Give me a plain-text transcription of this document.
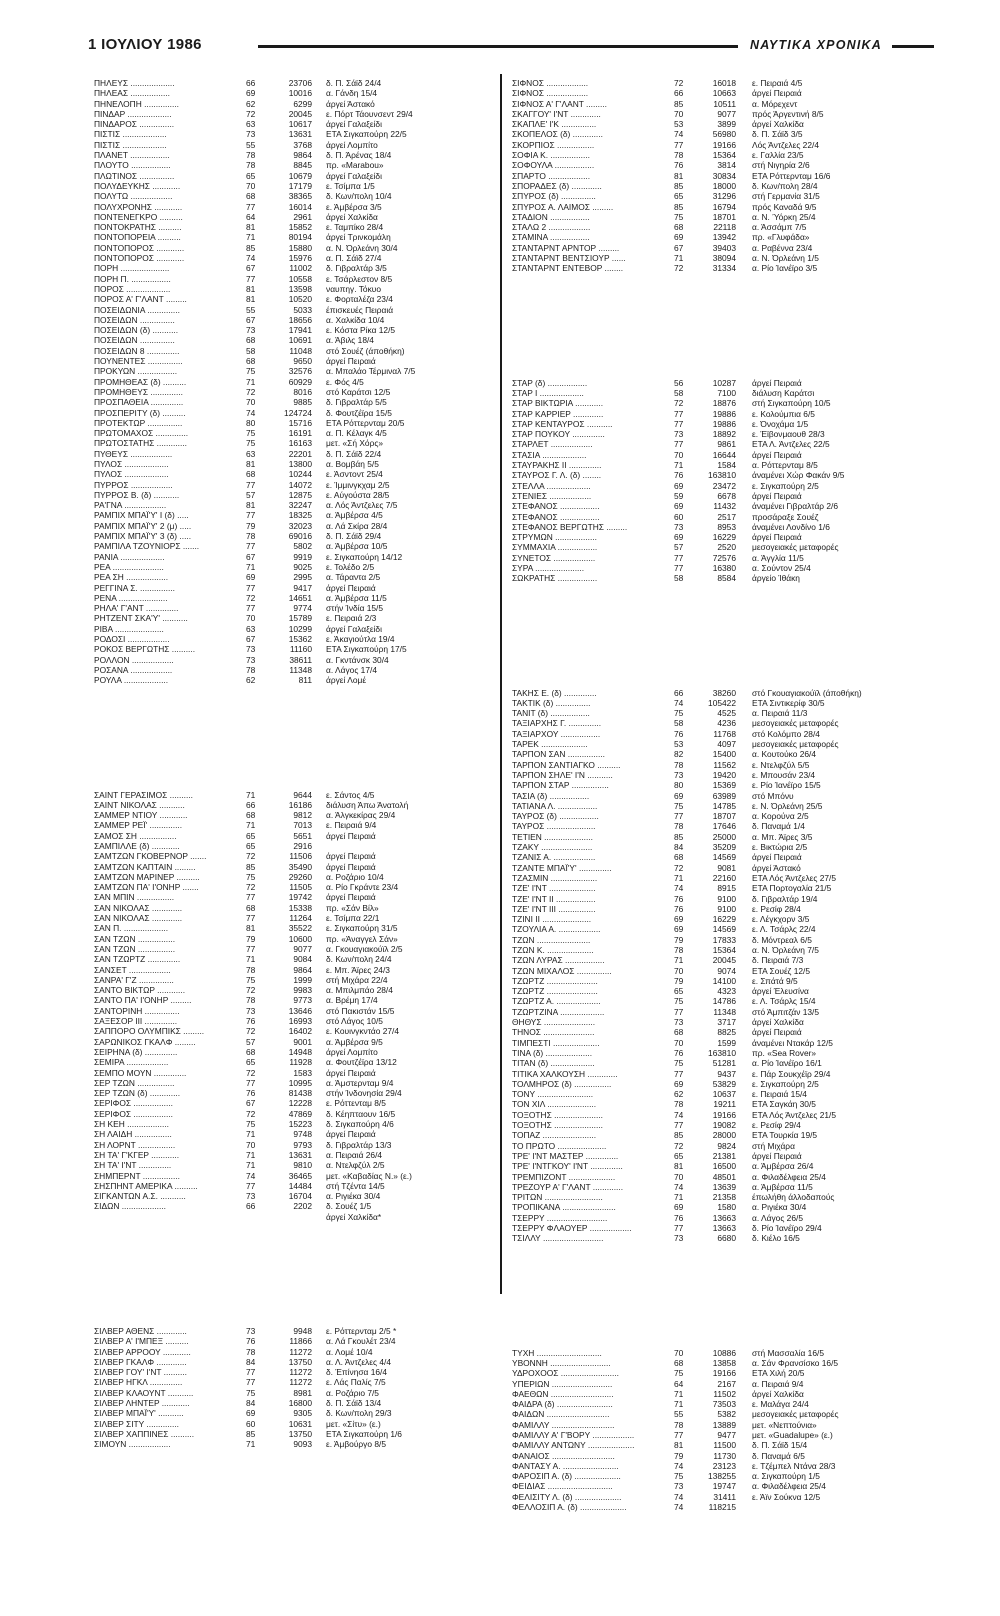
1 ΙΟΥΛΙΟΥ 1986	ΝΑΥΤΙΚΑ ΧΡΟΝΙΚΑ
ΠΗΛΕΥΣ ...................	66	23706 δ. Π. Σάϊδ 24/4
ΠΗΛΕΑΣ .................	69	10016 α. Γάνδη 15/4
ΠΗΝΕΛΟΠΗ ...............	62	6299 άργεί Άστακό
ΠΙΝΔΑΡ ...................	72	20045 ε. Πόρτ Τάουνσεντ 29/4
ΠΙΝΔΑΡΟΣ ...............	63	10617 άργεί Γαλαξείδι
ΠΙΣΤΙΣ ...................	73	13631 ΕΤΑ Σιγκαπούρη 22/5
ΠΙΣΤΙΣ ...................	55	3768 άργεί Λομπίτο
ΠΛΑΝΕΤ .................	78	9864 δ. Π. Άρένας 18/4
ΠΛΟΥΤΟ .................	78	8845 πρ. «Marabou»
ΠΛΩΤΙΝΟΣ ...............	65	10679 άργεί Γαλαξείδι
ΠΟΛΥΔΕΥΚΗΣ ............	70	17179 ε. Τσίμπα 1/5
ΠΟΛΥΤΩ ..................	68	38365 δ. Κων/πολη 10/4
ΠΟΛΥΧΡΟΝΗΣ ............	77	16014 ε. Άμβέρσα 3/5
ΠΟΝΤΕΝΕΓΚΡΟ ..........	64	2961 άργεί Χαλκίδα
ΠΟΝΤΟΚΡΑΤΗΣ ..........	81	15852 ε. Ταμπίκο 28/4
ΠΟΝΤΟΠΟΡΕΙΑ ..........	71	80194 άργεί Τρινκομάλη
ΠΟΝΤΟΠΟΡΟΣ ............	85	15880 α. Ν. Όρλεάνη 30/4
ΠΟΝΤΟΠΟΡΟΣ ............	74	15976 α. Π. Σάϊδ 27/4
ΠΟΡΗ .....................	67	11002 δ. Γιβραλτάρ 3/5
ΠΟΡΗ Π. .................	77	10558 ε. Τσάρλεστον 8/5
ΠΟΡΟΣ ...................	81	13598 ναυπηγ. Τόκυο
ΠΟΡΟΣ Α' Γ'ΛΑΝΤ .........	81	10520 ε. Φορταλέζα 23/4
ΠΟΣΕΙΔΩΝΙΑ ..............	55	5033 έπισκευές Πειραιά
ΠΟΣΕΙΔΩΝ ...............	67	18656 α. Χαλκίδα 10/4
ΠΟΣΕΙΔΩΝ (δ) ...........	73	17941 ε. Κόστα Ρίκα 12/5
ΠΟΣΕΙΔΩΝ ...............	68	10691 α. Άβιλς 18/4
ΠΟΣΕΙΔΩΝ 8 ..............	58	11048 στό Σουέζ (άποθήκη)
ΠΟΥΝΕΝΤΕΣ ...............	68	9650 άργεί Πειραιά
ΠΡΟΚΥΩΝ .................	75	32576 α. Μπαλάο Τέρμιναλ 7/5
ΠΡΟΜΗΘΕΑΣ (δ) ..........	71	60929 ε. Φός 4/5
ΠΡΟΜΗΘΕΥΣ ..............	72	8016 στό Καράτσι 12/5
ΠΡΟΣΠΑΘΕΙΑ ..............	70	9885 δ. Γιβραλτάρ 5/5
ΠΡΟΣΠΕΡΙΤΥ (δ) ..........	74	124724 δ. Φουτζέϊρα 15/5
ΠΡΟΤΕΚΤΩΡ ...............	80	15716 ΕΤΑ Ρόττερνταμ 20/5
ΠΡΩΤΟΜΑΧΟΣ ..............	75	16191 α. Π. Κέλαγκ 4/5
ΠΡΩΤΟΣΤΑΤΗΣ .............	75	16163 μετ. «Σή Χόρς»
ΠΥΘΕΥΣ ..................	63	22201 δ. Π. Σάϊδ 22/4
ΠΥΛΟΣ ...................	81	13800 α. Βομβάη 5/5
ΠΥΛΟΣ ...................	68	10244 ε. Άσντοντ 25/4
ΠΥΡΡΟΣ ..................	77	14072 ε. Ίμμινγκχαμ 2/5
ΠΥΡΡΟΣ Β. (δ) ...........	57	12875 ε. Αύγούστα 28/5
ΡΑ'ΓΝΑ ..................	81	32247 α. Λός Άντζελες 7/5
ΡΑΜΠΙΧ ΜΠΑΪ'Υ' Ι (δ) .....	77	18325 α. Άμβέρσα 4/5
ΡΑΜΠΙΧ ΜΠΑΪ'Υ' 2 (μ) .....	79	32023 α. Λά Σκίρα 28/4
ΡΑΜΠΙΧ ΜΠΑΪ'Υ' 3 (δ) .....	78	69016 δ. Π. Σάϊδ 29/4
ΡΑΜΠΙΛΑ ΤΖΟΥΝΙΟΡΣ .......	77	5802 α. Άμβέρσα 10/5
ΡΑΝΙΑ ...................	67	9919 ε. Σιγκαπούρη 14/12
ΡΕΑ ......................	71	9025 ε. Τολέδο 2/5
ΡΕΑ ΣΗ ..................	69	2995 α. Τάραντα 2/5
ΡΕΓΓΙΝΑ Σ. ...............	77	9417 άργεί Πειραιά
ΡΕΝΑ .....................	72	14651 α. Άμβέρσα 11/5
ΡΗΛΑ' Γ'ΑΝΤ ..............	77	9774 στήν Ίνδία 15/5
ΡΗΤΖΕΝΤ ΣΚΑ'Υ' ...........	70	15789 ε. Πειραιά 2/3
ΡΙΒΑ .....................	63	10299 άργεί Γαλαξείδι
ΡΟΔΟΣΙ ..................	67	15362 ε. Άκαγιούτλα 19/4
ΡΟΚΟΣ ΒΕΡΓΩΤΗΣ ..........	73	11160 ΕΤΑ Σιγκαπούρη 17/5
ΡΟΛΛΟΝ ..................	73	38611 α. Γκντάνσκ 30/4
ΡΟΣΑΝΑ ..................	78	11348 α. Λάγος 17/4
ΡΟΥΛΑ ...................	62	811 άργεί Λομέ
ΣΑΙΝΤ ΓΕΡΑΣΙΜΟΣ ..........	71	9644 ε. Σάντος 4/5
ΣΑΙΝΤ ΝΙΚΟΛΑΣ ...........	66	16186 διάλυση Άπω Άνατολή
ΣΑΜΜΕΡ ΝΤΙΟΥ ............	68	9812 α. Άλγκεκίρας 29/4
ΣΑΜΜΕΡ ΡΕΪ' ..............	71	7013 ε. Πειραιά 9/4
ΣΑΜΟΣ ΣΗ ................	65	5651 άργεί Πειραιά
ΣΑΜΠΙΛΛΕ (δ) ............	65	2916
ΣΑΜΤΖΩΝ ΓΚΟΒΕΡΝΟΡ .......	72	11506 άργεί Πειραιά
ΣΑΜΤΖΩΝ ΚΑΠΤΑΙΝ .........	85	35490 άργεί Πειραιά
ΣΑΜΤΖΩΝ ΜΑΡΙΝΕΡ ..........	75	29260 α. Ροζάριο 10/4
ΣΑΜΤΖΩΝ ΠΑ' Ι'ΟΝΗΡ .......	72	11505 α. Ρίο Γκράντε 23/4
ΣΑΝ ΜΠΙΝ ................	77	19742 άργεί Πειραιά
ΣΑΝ ΝΙΚΟΛΑΣ .............	68	15338 πρ. «Σάν Βίλ»
ΣΑΝ ΝΙΚΟΛΑΣ .............	77	11264 ε. Τσίμπα 22/1
ΣΑΝ Π. ...................	81	35522 ε. Σιγκαπούρη 31/5
ΣΑΝ ΤΖΩΝ ................	79	10600 πρ. «Άναγγελ Σάν»
ΣΑΝ ΤΖΩΝ ................	77	9077 α. Γκουαγιακούϊλ 2/5
ΣΑΝ ΤΖΩΡΤΖ ..............	71	9084 δ. Κων/πολη 24/4
ΣΑΝΣΕΤ ..................	78	9864 ε. Μπ. Άϊρες 24/3
ΣΑΝΡΑ' Γ'Ζ ...............	75	1999 στή Μιχάρα 22/4
ΣΑΝΤΟ ΒΙΚΤΩΡ ............	72	9983 α. Μπιλμπάο 28/4
ΣΑΝΤΟ ΠΑ' Ι'ΟΝΗΡ .........	78	9773 α. Βρέμη 17/4
ΣΑΝΤΟΡΙΝΗ ...............	73	13646 στό Πακιστάν 15/5
ΣΑΞΕΣΟΡ ΙΙΙ ..............	76	16993 στό Λάγος 10/5
ΣΑΠΠΟΡΟ ΟΛΥΜΠΙΚΣ .........	72	16402 ε. Κουινγκντάο 27/4
ΣΑΡΩΝΙΚΟΣ ΓΚΑΛΦ .........	57	9001 α. Άμβέρσα 9/5
ΣΕΙΡΗΝΑ (δ) ..............	68	14948 άργεί Λομπίτο
ΣΕΜΙΡΑ ..................	65	11928 α. Φουτζέϊρα 13/12
ΣΕΜΠΟ ΜΟΥΝ ..............	72	1583 άργεί Πειραιά
ΣΕΡ ΤΖΩΝ ................	77	10995 α. Άμστερνταμ 9/4
ΣΕΡ ΤΖΩΝ (δ) .............	76	81438 στήν Ίνδονησία 29/4
ΣΕΡΙΦΟΣ .................	67	12228 ε. Ρόττενταμ 8/5
ΣΕΡΙΦΟΣ .................	72	47869 δ. Κέηπταουν 16/5
ΣΗ ΚΕΗ ..................	75	15223 δ. Σιγκαπούρη 4/6
ΣΗ ΛΑΙΔΗ ................	71	9748 άργεί Πειραιά
ΣΗ ΛΟΡΝΤ ................	70	9793 δ. Γιβραλτάρ 13/3
ΣΗ ΤΑ' Γ'ΚΓΕΡ ............	71	13631 α. Πειραιά 26/4
ΣΗ ΤΑ' Ι'ΝΤ ..............	71	9810 α. Ντελφζύλ 2/5
ΣΗΜΠΕΡΝΤ ................	74	36465 μετ. «Καβαδίας Ν.» (ε.)
ΣΗΣΠΗΝΤ ΑΜΕΡΙΚΑ ..........	77	14484 στή Τζέντα 14/5
ΣΙΓΚΑΝΤΩΝ Α.Σ. ...........	73	16704 α. Ριγιέκα 30/4
ΣΙΔΩΝ ...................	66	2202 δ. Σουέζ 1/5
άργεί Χαλκίδα*
ΣΙΛΒΕΡ ΑΘΕΝΣ .............	73	9948 ε. Ρόττερνταμ 2/5 *
ΣΙΛΒΕΡ Α' Ι'ΜΠΕΞ ..........	76	11866 α. Λά Γκουλέτ 23/4
ΣΙΛΒΕΡ ΑΡΡΟΟΥ ............	78	11272 α. Λομέ 10/4
ΣΙΛΒΕΡ ΓΚΑΛΦ .............	84	13750 α. Λ. Άντζελες 4/4
ΣΙΛΒΕΡ ΓΟΥ' Ι'ΝΤ ..........	77	11272 δ. Έπίνησα 16/4
ΣΙΛΒΕΡ ΗΓΚΛ ..............	77	11272 ε. Λάς Παλίς 7/5
ΣΙΛΒΕΡ ΚΛΑΟΥΝΤ ...........	75	8981 α. Ροζάριο 7/5
ΣΙΛΒΕΡ ΛΗΝΤΕΡ ............	84	16800 δ. Π. Σάϊδ 13/4
ΣΙΛΒΕΡ ΜΠΑΪ'Υ' ...........	69	9305 δ. Κων/πολη 29/3
ΣΙΛΒΕΡ ΣΙΤΥ ..............	60	10631 μετ. «Σίτυ» (ε.)
ΣΙΛΒΕΡ ΧΑΠΠΙΝΕΣ ..........	85	13750 ΕΤΑ Σιγκαπούρη 1/6
ΣΙΜΟΥΝ ..................	71	9093 ε. Άμβούργο 8/5
ΣΙΦΝΟΣ ..................	72	16018 ε. Πειραιά 4/5
ΣΙΦΝΟΣ ..................	66	10663 άργεί Πειραιά
ΣΙΦΝΟΣ Α' Γ'ΛΑΝΤ .........	85	10511 α. Μόρεχεντ
ΣΚΑΓΓΟΥ' Ι'ΝΤ .............	70	9077 πρός Άργεντινή 8/5
ΣΚΑΠΛΕ' Ι'Κ ...............	53	3899 άργεί Χαλκίδα
ΣΚΟΠΕΛΟΣ (δ) .............	74	56980 δ. Π. Σάϊδ 3/5
ΣΚΟΡΠΙΟΣ ................	77	19166 Λός Άντζελες 22/4
ΣΟΦΙΑ Κ. .................	78	15364 ε. Γαλλία 23/5
ΣΟΦΟΥΛΑ .................	76	3814 στή Νιγηρία 2/6
ΣΠΑΡΤΟ ..................	81	30834 ΕΤΑ Ρόττερνταμ 16/6
ΣΠΟΡΑΔΕΣ (δ) .............	85	18000 δ. Κων/πολη 28/4
ΣΠΥΡΟΣ (δ) ...............	65	31296 στή Γερμανία 31/5
ΣΠΥΡΟΣ Α. ΛΑΙΜΟΣ .........	85	16794 πρός Καναδά 9/5
ΣΤΑΔΙΟΝ .................	75	18701 α. Ν. Ύόρκη 25/4
ΣΤΑΛΩ 2 ..................	68	22118 α. Άσσάμπ 7/5
ΣΤΑΜΙΝΑ .................	69	13942 πρ. «Γλυφάδα»
ΣΤΑΝΤΑΡΝΤ ΑΡΝΤΟΡ .........	67	39403 α. Ραβέννα 23/4
ΣΤΑΝΤΑΡΝΤ ΒΕΝΤΣΙΟΥΡ ......	71	38094 α. Ν. Όρλεάνη 1/5
ΣΤΑΝΤΑΡΝΤ ΕΝΤΕΒΟΡ ........	72	31334 α. Ρίο Ίανέϊρο 3/5
ΣΤΑΡ (δ) .................	56	10287 άργεί Πειραιά
ΣΤΑΡ Ι ...................	58	7100 διάλυση Καράτσι
ΣΤΑΡ ΒΙΚΤΩΡΙΑ ............	72	18876 στή Σιγκαπούρη 10/5
ΣΤΑΡ ΚΑΡΡΙΕΡ .............	77	19886 ε. Κολούμπια 6/5
ΣΤΑΡ ΚΕΝΤΑΥΡΟΣ ...........	77	19886 ε. Όνοχάμα 1/5
ΣΤΑΡ ΠΟΥΚΟΥ ..............	73	18892 ε. Έϊβονμαουθ 28/3
ΣΤΑΡΛΕΤ ..................	77	9861 ΕΤΑ Λ. Άντζελες 22/5
ΣΤΑΣΙΑ ...................	70	16644 άργεί Πειραιά
ΣΤΑΥΡΑΚΗΣ ΙΙ ..............	71	1584 α. Ρόττερνταμ 8/5
ΣΤΑΥΡΟΣ Γ. Λ. (δ) ........	76	163810 άναμένει Χώρ Φακάν 9/5
ΣΤΕΛΛΑ ...................	69	23472 ε. Σιγκαπούρη 2/5
ΣΤΕΝΙΕΣ ..................	59	6678 άργεί Πειραιά
ΣΤΕΦΑΝΟΣ .................	69	11432 άναμένει Γιβραλτάρ 2/6
ΣΤΕΦΑΝΟΣ .................	60	2517 προσάραξε Σουέζ
ΣΤΕΦΑΝΟΣ ΒΕΡΓΩΤΗΣ .........	73	8953 άναμένει Λονδίνο 1/6
ΣΤΡΥΜΩΝ ..................	69	16229 άργεί Πειραιά
ΣΥΜΜΑΧΙΑ .................	57	2520 μεσογειακές μεταφορές
ΣΥΝΕΤΟΣ ..................	77	72576 α. Άγγλία 11/5
ΣΥΡΑ .....................	77	16380 α. Σούντον 25/4
ΣΩΚΡΑΤΗΣ .................	58	8584 άργείο Ίθάκη
ΤΑΚΗΣ Ε. (δ) ..............	66	38260 στό Γκουαγιακούϊλ (άποθήκη)
ΤΑΚΤΙΚ (δ) ...............	74	105422 ΕΤΑ Σιντικερίφ 30/5
ΤΑΝΙΤ (δ) .................	75	4525 α. Πειραιά 11/3
ΤΑΞΙΑΡΧΗΣ Γ. ..............	58	4236 μεσογειακές μεταφορές
ΤΑΞΙΑΡΧΟΥ .................	76	11768 στό Κολόμπο 28/4
ΤΑΡΕΚ ....................	53	4097 μεσογειακές μεταφορές
ΤΑΡΠΟΝ ΣΑΝ ................	82	15400 α. Κουτούκο 26/4
ΤΑΡΠΟΝ ΣΑΝΤΙΑΓΚΟ ..........	78	11562 ε. Ντελφζύλ 5/5
ΤΑΡΠΟΝ ΣΗΛΕ' Ι'Ν ...........	73	19420 ε. Μπουσάν 23/4
ΤΑΡΠΟΝ ΣΤΑΡ ................	80	15369 ε. Ρίο Ίανέϊρο 15/5
ΤΑΣΙΑ (δ) .................	69	63989 στό Μπόνυ
ΤΑΤΙΑΝΑ Λ. .................	75	14785 ε. Ν. Όρλεάνη 25/5
ΤΑΥΡΟΣ (δ) .................	77	18707 α. Κορούνα 2/5
ΤΑΥΡΟΣ .....................	78	17646 δ. Παναμά 1/4
ΤΕΤΙΕΝ .....................	85	25000 α. Μπ. Άϊρες 3/5
ΤΖΑΚΥ ......................	84	35209 ε. Βικτώρια 2/5
ΤΖΑΝΙΣ Α. ..................	68	14569 άργεί Πειραιά
ΤΖΑΝΤΕ ΜΠΑΪ'Υ' ..............	72	9081 άργεί Άστακό
ΤΖΑΣΜΙΝ ....................	71	22160 ΕΤΑ Λός Άντζελες 27/5
ΤΖΕ' Ι'ΝΤ ....................	74	8915 ΕΤΑ Πορτογαλία 21/5
ΤΖΕ' Ι'ΝΤ ΙΙ .................	76	9100 δ. Γιβραλτάρ 19/4
ΤΖΕ' Ι'ΝΤ ΙΙΙ ................	76	9100 ε. Ρεσίφ 28/4
ΤΖΙΝΙ ΙΙ .....................	69	16229 ε. Λέγκχορν 3/5
ΤΖΟΥΛΙΑ Α. ..................	69	14569 ε. Λ. Τσάρλς 22/4
ΤΖΩΝ .......................	79	17833 δ. Μόντρεαλ 6/5
ΤΖΩΝ Κ. ....................	78	15364 α. Ν. Όρλεάνη 7/5
ΤΖΩΝ ΛΥΡΑΣ .................	71	20045 δ. Πειραιά 7/3
ΤΖΩΝ ΜΙΧΑΛΟΣ ...............	70	9074 ΕΤΑ Σουέζ 12/5
ΤΖΩΡΤΖ ......................	79	14100 ε. Σπάτά 9/5
ΤΖΩΡΤΖ ......................	65	4323 άργεί Έλευσίνα
ΤΖΩΡΤΖ Α. ...................	75	14786 ε. Λ. Τσάρλς 15/4
ΤΖΩΡΤΖΙΝΑ ...................	77	11348 στό Άμπιτζάν 13/5
ΘΗΘΥΣ ......................	73	3717 άργεί Χαλκίδα
ΤΗΝΟΣ ......................	68	8825 άργεί Πειραιά
ΤΙΜΠΕΣΤΙ ....................	70	1599 άναμένει Ντακάρ 12/5
ΤΙΝΑ (δ) ....................	76	163810 πρ. «Sea Rover»
ΤΙΤΑΝ (δ) ...................	75	51281 α. Ρίο Ίανέϊρο 16/1
ΤΙΤΙΚΑ ΧΑΛΚΟΥΣΗ .............	77	9437 ε. Πάρ Σουκχέϊρ 29/4
ΤΟΛΜΗΡΟΣ (δ) ................	69	53829 ε. Σιγκαπούρη 2/5
ΤΟΝΥ ........................	62	10637 ε. Πειραιά 15/4
ΤΟΝ ΧΙΛ .....................	78	19211 ΕΤΑ Σαγκάη 30/5
ΤΟΞΟΤΗΣ .....................	74	19166 ΕΤΑ Λός Άντζελες 21/5
ΤΟΞΟΤΗΣ .....................	77	19082 ε. Ρεσίφ 29/4
ΤΟΠΑΖ .......................	85	28000 ΕΤΑ Τουρκία 19/5
ΤΟ ΠΡΩΤΟ .....................	72	9824 στή Μιχάρα
ΤΡΕ' Ι'ΝΤ ΜΑΣΤΕΡ ..............	65	21381 άργεί Πειραιά
ΤΡΕ' Ι'ΝΤΓΚΟΥ' Ι'ΝΤ ..............	81	16500 α. Άμβέρσα 26/4
ΤΡΕΜΠΙΖΟΝΤ ....................	70	48501 α. Φιλαδέλφεια 25/4
ΤΡΕΖΟΥΡ Α' Γ'ΛΑΝΤ .............	74	13639 α. Άμβέρσα 11/5
ΤΡΙΤΩΝ .........................	71	21358 έπωλήθη άλλοδαπούς
ΤΡΟΠΙΚΑΝΑ .......................	69	1580 α. Ριγιέκα 30/4
ΤΣΕΡΡΥ ..........................	76	13663 α. Λάγος 26/5
ΤΣΕΡΡΥ ΦΛΑΟΥΕΡ ..................	77	13663 δ. Ρίο Ίανέϊρο 29/4
ΤΣΙΛΛΥ ..........................	73	6680 δ. Κιέλο 16/5
ΤΥΧΗ ............................	70	10886 στή Μασσαλία 16/5
ΥΒΟΝΝΗ ..........................	68	13858 α. Σάν Φρανσίσκο 16/5
ΥΔΡΟΧΟΟΣ .........................	75	19166 ΕΤΑ Χιλή 20/5
ΥΠΕΡΙΩΝ ..........................	64	2167 α. Πειραιά 9/4
ΦΑΕΘΩΝ ...........................	71	11502 άργεί Χαλκίδα
ΦΑΙΔΡΑ (δ) ........................	71	73503 ε. Μαλάγα 24/4
ΦΑΙΔΩΝ ...........................	55	5382 μεσογειακές μεταφορές
ΦΑΜΙΛΛΥ ...........................	78	13889 μετ. «Νεπτούνια»
ΦΑΜΙΛΛΥ Α' Γ'ΒΟΡΥ ..................	77	9477 μετ. «Guadalupe» (ε.)
ΦΑΜΙΛΛΥ ΑΝΤΩΝΥ ....................	81	11500 δ. Π. Σάϊδ 15/4
ΦΑΝΑΙΟΣ ...........................	79	11730 δ. Παναμά 6/5
ΦΑΝΤΑΣΥ Α. ........................	74	23123 ε. Τζέμπελ Ντάνα 28/3
ΦΑΡΟΣΙΠ Α. (δ) ....................	75	138255 α. Σιγκαπούρη 1/5
ΦΕΙΔΙΑΣ ............................	73	19747 α. Φιλαδέλφεια 25/4
ΦΕΛΙΣΙΤΥ Λ. (δ) ....................	74	31411 ε. Άϊν Σούκνα 12/5
ΦΕΛΛΟΣΙΠ Α. (δ) ....................	74	118215
